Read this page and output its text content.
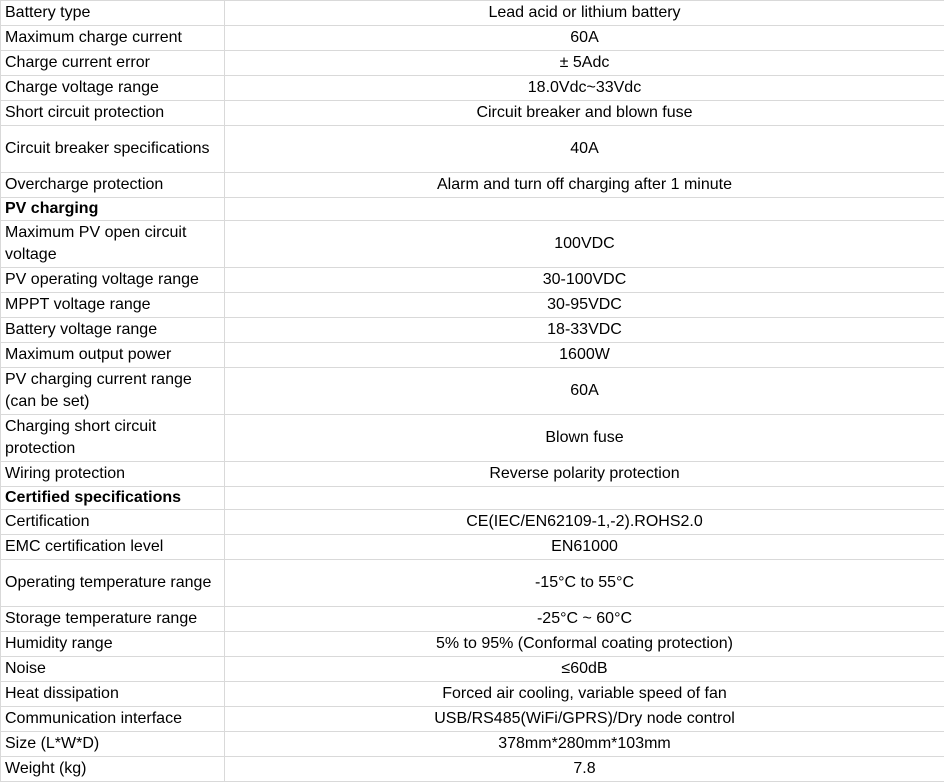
Battery type	Lead acid or lithium battery
Maximum charge current	60A
Charge current error	± 5Adc
Charge voltage range	18.0Vdc~33Vdc
Short circuit protection	Circuit breaker and blown fuse
Circuit breaker specifications	40A
Overcharge protection	Alarm and turn off charging after 1 minute
PV charging	
Maximum PV open circuit voltage	100VDC
PV operating voltage range	30-100VDC
MPPT voltage range	30-95VDC
Battery voltage range	18-33VDC
Maximum output power	1600W
PV charging current range (can be set)	60A
Charging short circuit protection	Blown fuse
Wiring protection	Reverse polarity protection
Certified specifications	
Certification	CE(IEC/EN62109-1,-2).ROHS2.0
EMC certification level	EN61000
Operating temperature range	-15°C to 55°C
Storage temperature range	-25°C ~ 60°C
Humidity range	5% to 95% (Conformal coating protection)
Noise	≤60dB
Heat dissipation	Forced air cooling, variable speed of fan
Communication interface	USB/RS485(WiFi/GPRS)/Dry node control
Size (L*W*D)	378mm*280mm*103mm
Weight (kg)	7.8
